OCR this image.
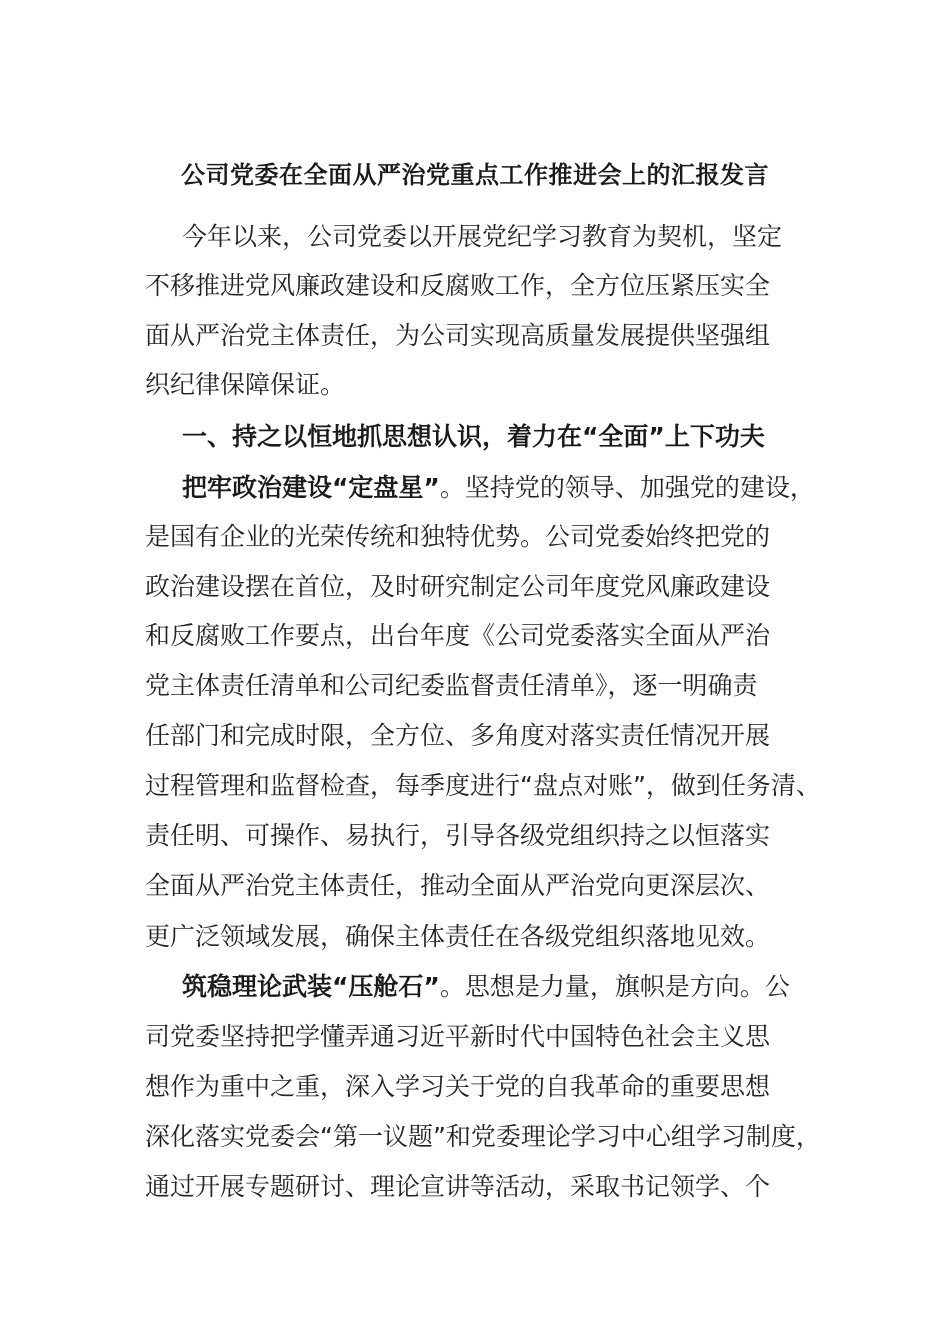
公司党委在全面从严治党重点工作推进会上的汇报发言
今年以来，公司党委以开展党纪学习教育为契机，坚定
不移推进党风廉政建设和反腐败工作，全方位压紧压实全
面从严治党主体责任，为公司实现高质量发展提供坚强组
织纪律保障保证。
一、持之以恒地抓思想认识，着力在“全面”上下功夫
把牢政治建设“定盘星”。坚持党的领导、加强党的建设，
是国有企业的光荣传统和独特优势。公司党委始终把党的
政治建设摆在首位，及时研究制定公司年度党风廉政建设
和反腐败工作要点，出台年度《公司党委落实全面从严治
党主体责任清单和公司纪委监督责任清单》，逐一明确责
任部门和完成时限，全方位、多角度对落实责任情况开展
过程管理和监督检查，每季度进行“盘点对账”，做到任务清、
责任明、可操作、易执行，引导各级党组织持之以恒落实
全面从严治党主体责任，推动全面从严治党向更深层次、
更广泛领域发展，确保主体责任在各级党组织落地见效。
筑稳理论武装“压舱石”。思想是力量，旗帜是方向。公
司党委坚持把学懂弄通习近平新时代中国特色社会主义思
想作为重中之重，深入学习关于党的自我革命的重要思想
深化落实党委会“第一议题”和党委理论学习中心组学习制度，
通过开展专题研讨、理论宣讲等活动，采取书记领学、个
